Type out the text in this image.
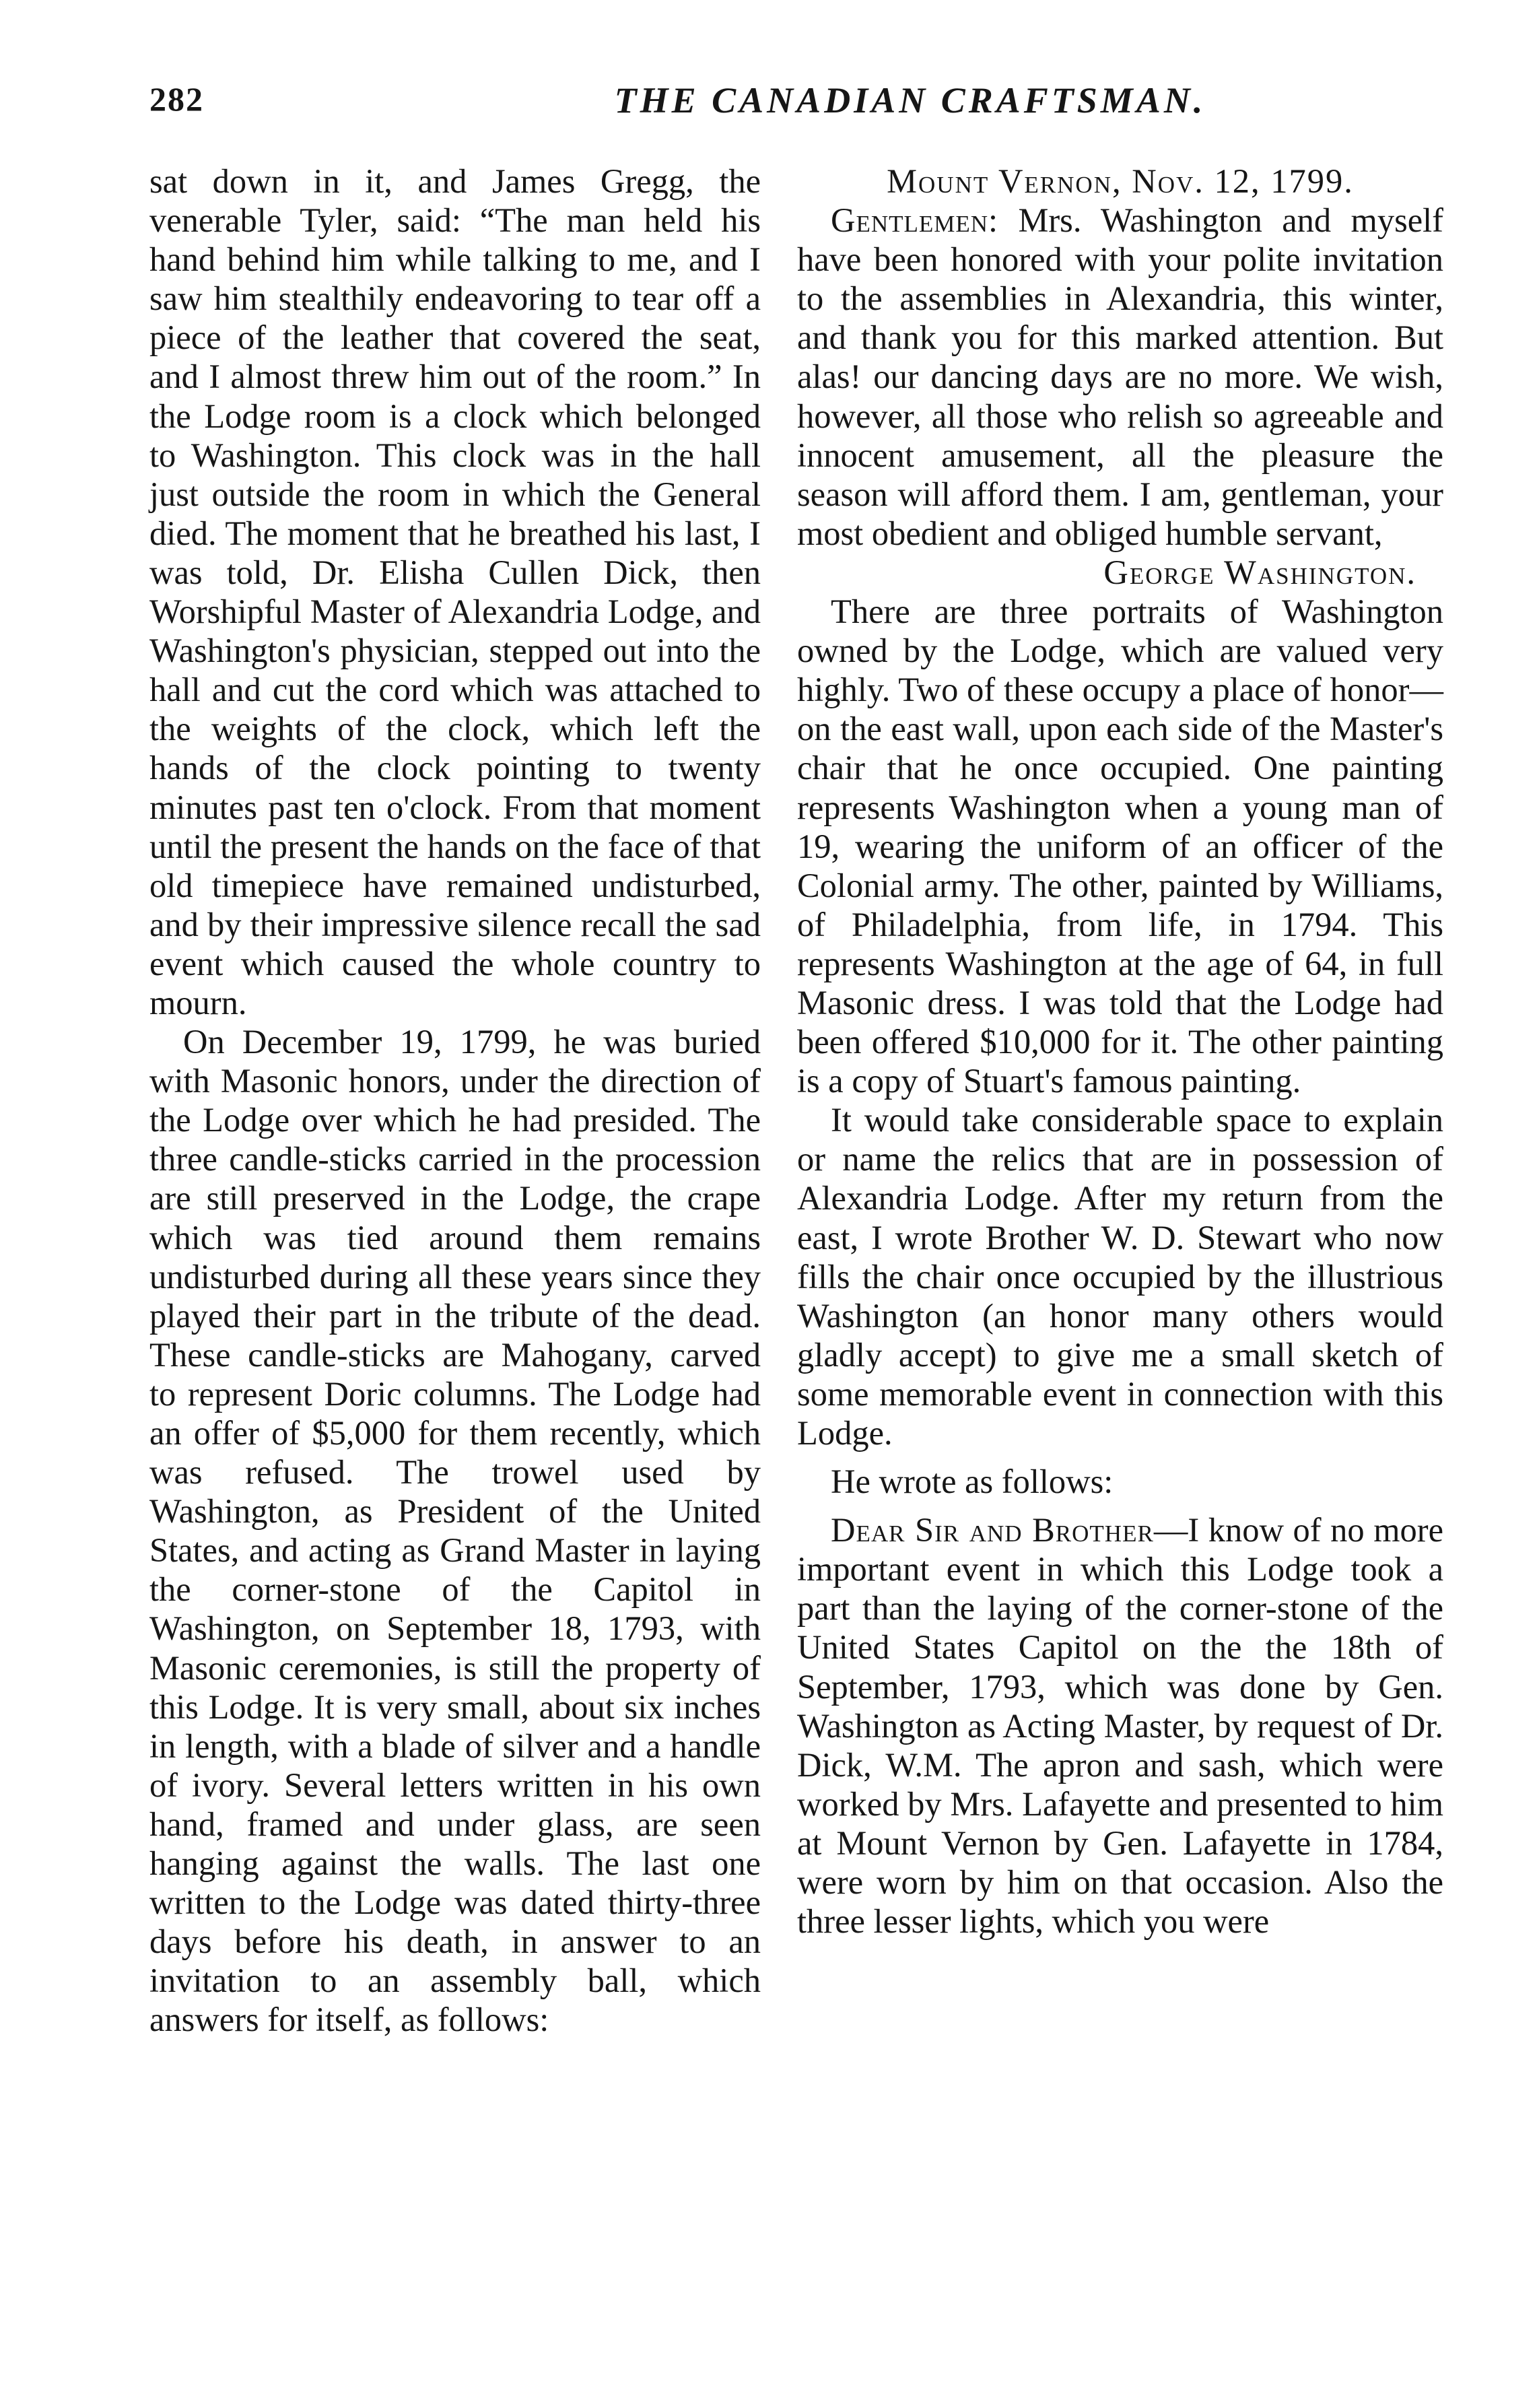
282	THE CANADIAN CRAFTSMAN.

sat down in it, and James Gregg, the venerable Tyler, said: “The man held his hand behind him while talking to me, and I saw him stealthily endeavoring to tear off a piece of the leather that covered the seat, and I almost threw him out of the room.” In the Lodge room is a clock which belonged to Washington. This clock was in the hall just outside the room in which the General died. The moment that he breathed his last, I was told, Dr. Elisha Cullen Dick, then Worshipful Master of Alexandria Lodge, and Washington's physician, stepped out into the hall and cut the cord which was attached to the weights of the clock, which left the hands of the clock pointing to twenty minutes past ten o'clock. From that moment until the present the hands on the face of that old timepiece have remained undisturbed, and by their impressive silence recall the sad event which caused the whole country to mourn.

On December 19, 1799, he was buried with Masonic honors, under the direction of the Lodge over which he had presided. The three candle-sticks carried in the procession are still preserved in the Lodge, the crape which was tied around them remains undisturbed during all these years since they played their part in the tribute of the dead. These candle-sticks are Mahogany, carved to represent Doric columns. The Lodge had an offer of $5,000 for them recently, which was refused. The trowel used by Washington, as President of the United States, and acting as Grand Master in laying the corner-stone of the Capitol in Washington, on September 18, 1793, with Masonic ceremonies, is still the property of this Lodge. It is very small, about six inches in length, with a blade of silver and a handle of ivory. Several letters written in his own hand, framed and under glass, are seen hanging against the walls. The last one written to the Lodge was dated thirty-three days before his death, in answer to an invitation to an assembly ball, which answers for itself, as follows:

Mount Vernon, Nov. 12, 1799.

Gentlemen: Mrs. Washington and myself have been honored with your polite invitation to the assemblies in Alexandria, this winter, and thank you for this marked attention. But alas! our dancing days are no more. We wish, however, all those who relish so agreeable and innocent amusement, all the pleasure the season will afford them. I am, gentleman, your most obedient and obliged humble servant,

George Washington.

There are three portraits of Washington owned by the Lodge, which are valued very highly. Two of these occupy a place of honor—on the east wall, upon each side of the Master's chair that he once occupied. One painting represents Washington when a young man of 19, wearing the uniform of an officer of the Colonial army. The other, painted by Williams, of Philadelphia, from life, in 1794. This represents Washington at the age of 64, in full Masonic dress. I was told that the Lodge had been offered $10,000 for it. The other painting is a copy of Stuart's famous painting.

It would take considerable space to explain or name the relics that are in possession of Alexandria Lodge. After my return from the east, I wrote Brother W. D. Stewart who now fills the chair once occupied by the illustrious Washington (an honor many others would gladly accept) to give me a small sketch of some memorable event in connection with this Lodge.

He wrote as follows:

Dear Sir and Brother—I know of no more important event in which this Lodge took a part than the laying of the corner-stone of the United States Capitol on the the 18th of September, 1793, which was done by Gen. Washington as Acting Master, by request of Dr. Dick, W.M. The apron and sash, which were worked by Mrs. Lafayette and presented to him at Mount Vernon by Gen. Lafayette in 1784, were worn by him on that occasion. Also the three lesser lights, which you were
